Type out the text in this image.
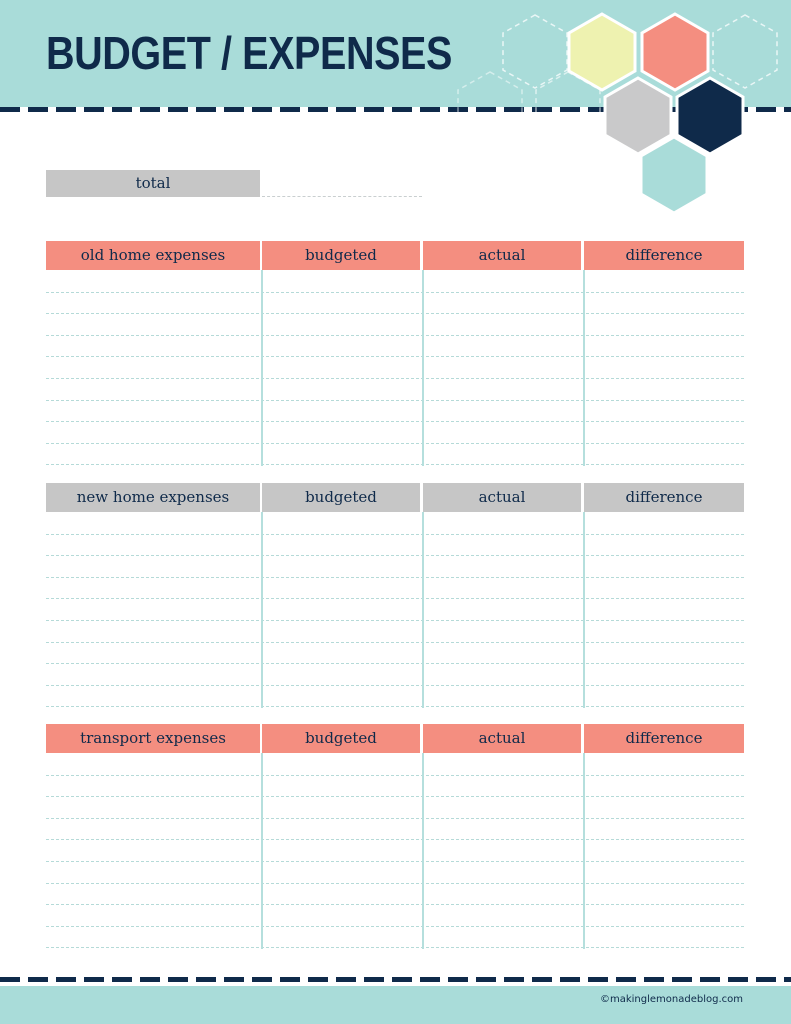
BUDGET / EXPENSES
total
old home expenses	budgeted	actual	difference
new home expenses	budgeted	actual	difference
transport expenses	budgeted	actual	difference
©makinglemonadeblog.com
